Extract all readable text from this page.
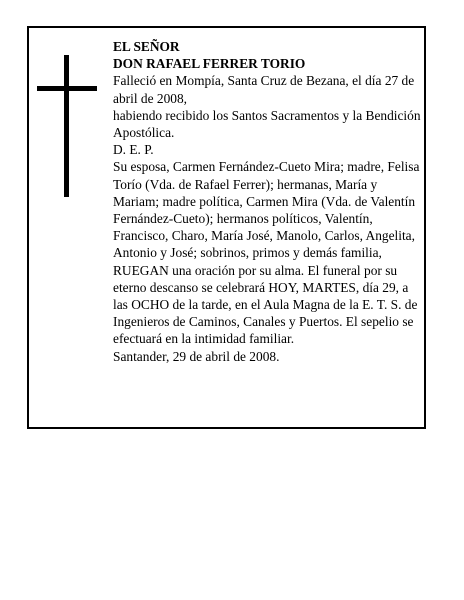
EL SEÑOR

DON RAFAEL FERRER TORIO

Falleció en Mompía, Santa Cruz de Bezana, el día 27 de abril de 2008,

habiendo recibido los Santos Sacramentos y la Bendición Apostólica.

D. E. P.

Su esposa, Carmen Fernández-Cueto Mira; madre, Felisa Torío (Vda. de Rafael Ferrer); hermanas, María y Mariam; madre política, Carmen Mira (Vda. de Valentín Fernández-Cueto); hermanos políticos, Valentín, Francisco, Charo, María José, Manolo, Carlos, Angelita, Antonio y José; sobrinos, primos y demás familia,

RUEGAN una oración por su alma. El funeral por su eterno descanso se celebrará HOY, MARTES, día 29, a las OCHO de la tarde, en el Aula Magna de la E. T. S. de Ingenieros de Caminos, Canales y Puertos. El sepelio se efectuará en la intimidad familiar.

Santander, 29 de abril de 2008.
